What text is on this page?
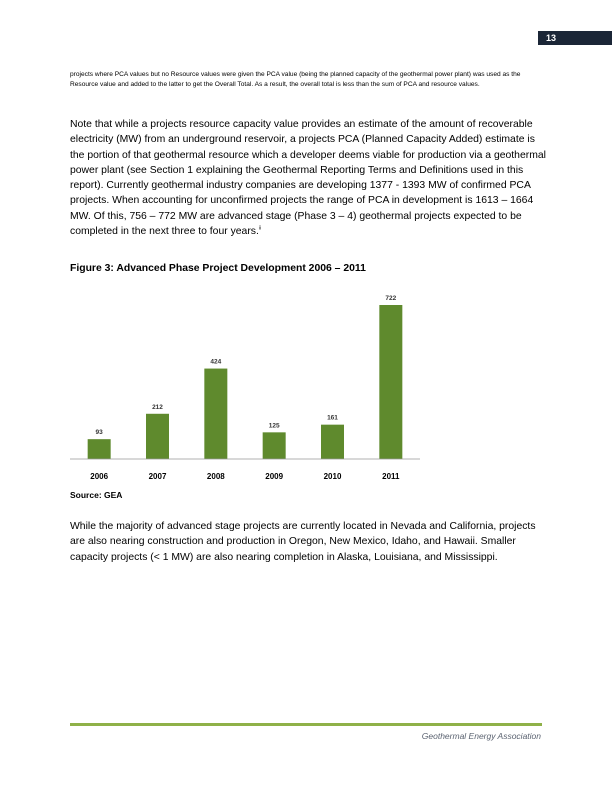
13
projects where PCA values but no Resource values were given the PCA value (being the planned capacity of the geothermal power plant) was used as the Resource value and added to the latter to get the Overall Total. As a result, the overall total is less than the sum of PCA and resource values.
Note that while a projects resource capacity value provides an estimate of the amount of recoverable electricity (MW) from an underground reservoir, a projects PCA (Planned Capacity Added) estimate is the portion of that geothermal resource which a developer deems viable for production via a geothermal power plant (see Section 1 explaining the Geothermal Reporting Terms and Definitions used in this report). Currently geothermal industry companies are developing 1377 - 1393 MW of confirmed PCA projects. When accounting for unconfirmed projects the range of PCA in development is 1613 – 1664 MW. Of this, 756 – 772 MW are advanced stage (Phase 3 – 4) geothermal projects expected to be completed in the next three to four years.$^{ii}$
Figure 3: Advanced Phase Project Development 2006 – 2011
93
2006
212
2007
424
2008
125
2009
161
2010
722
2011
Source: GEA
While the majority of advanced stage projects are currently located in Nevada and California, projects are also nearing construction and production in Oregon, New Mexico, Idaho, and Hawaii. Smaller capacity projects (< 1 MW) are also nearing completion in Alaska, Louisiana, and Mississippi.
Geothermal Energy Association
